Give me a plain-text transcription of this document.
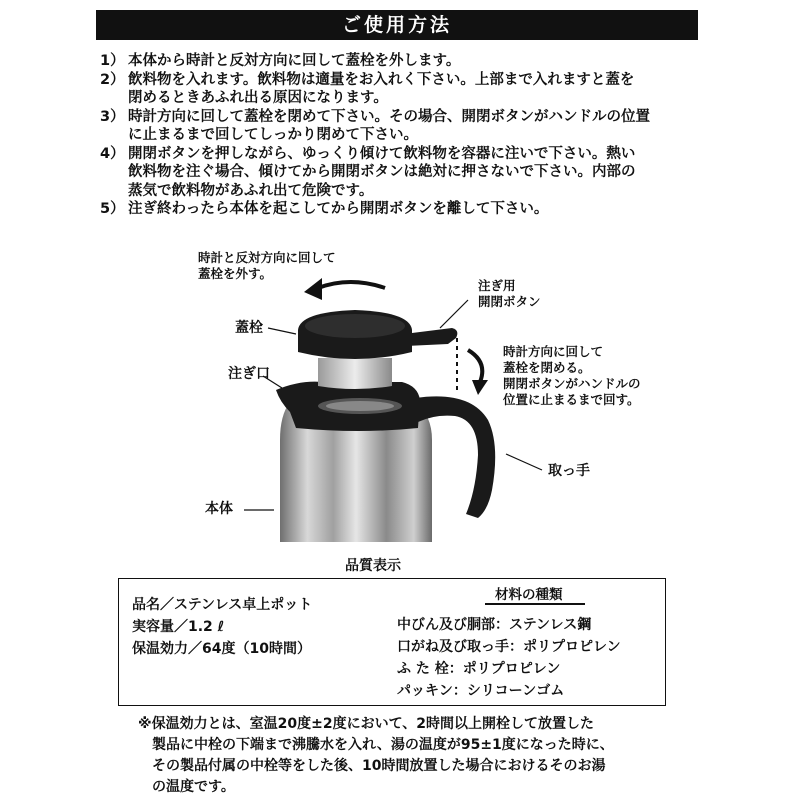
ご使用方法
1） 本体から時計と反対方向に回して蓋栓を外します。
2） 飲料物を入れます。飲料物は適量をお入れく下さい。上部まで入れますと蓋を
閉めるときあふれ出る原因になります。
3） 時計方向に回して蓋栓を閉めて下さい。その場合、開閉ボタンがハンドルの位置
に止まるまで回してしっかり閉めて下さい。
4） 開閉ボタンを押しながら、ゆっくり傾けて飲料物を容器に注いで下さい。熱い
飲料物を注ぐ場合、傾けてから開閉ボタンは絶対に押さないで下さい。内部の
蒸気で飲料物があふれ出て危険です。
5） 注ぎ終わったら本体を起こしてから開閉ボタンを離して下さい。
時計と反対方向に回して
蓋栓を外す。
注ぎ用
開閉ボタン
蓋栓
注ぎ口
時計方向に回して
蓋栓を閉める。
開閉ボタンがハンドルの
位置に止まるまで回す。
取っ手
本体
品質表示
品名／ステンレス卓上ポット
実容量／1.2 ℓ
保温効力／64度（10時間）
材料の種類
中びん及び胴部：ステンレス鋼
口がね及び取っ手：ポリプロピレン
ふ た 栓：ポリプロピレン
パッキン：シリコーンゴム
※保温効力とは、室温20度±2度において、2時間以上開栓して放置した
製品に中栓の下端まで沸騰水を入れ、湯の温度が95±1度になった時に、
その製品付属の中栓等をした後、10時間放置した場合におけるそのお湯
の温度です。
